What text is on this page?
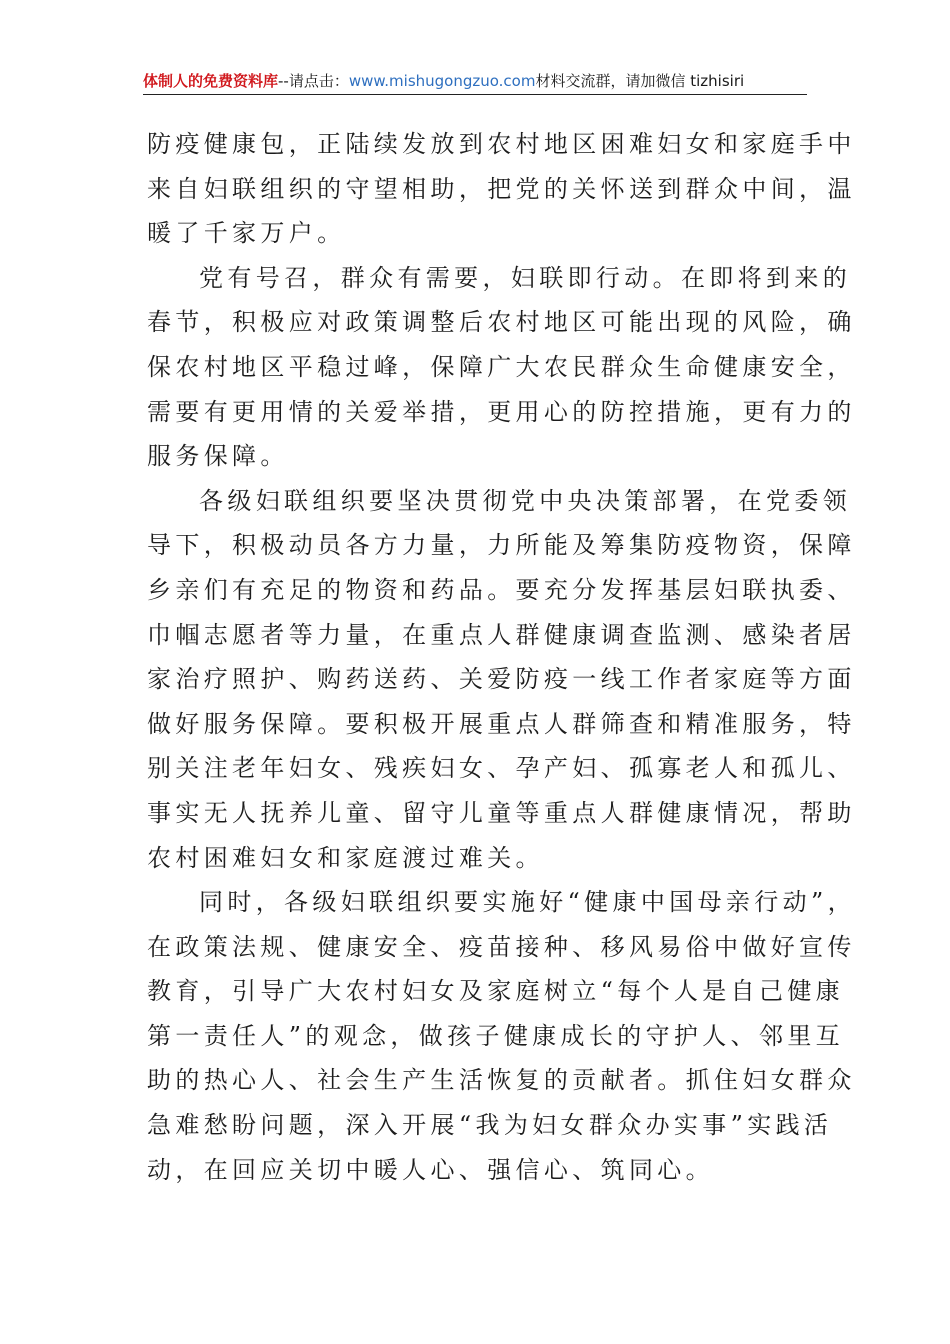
体制人的免费资料库--请点击：www.mishugongzuo.com材料交流群，请加微信 tizhisiri
防疫健康包，正陆续发放到农村地区困难妇女和家庭手中
来自妇联组织的守望相助，把党的关怀送到群众中间，温
暖了千家万户。
党有号召，群众有需要，妇联即行动。在即将到来的
春节，积极应对政策调整后农村地区可能出现的风险，确
保农村地区平稳过峰，保障广大农民群众生命健康安全，
需要有更用情的关爱举措，更用心的防控措施，更有力的
服务保障。
各级妇联组织要坚决贯彻党中央决策部署，在党委领
导下，积极动员各方力量，力所能及筹集防疫物资，保障
乡亲们有充足的物资和药品。要充分发挥基层妇联执委、
巾帼志愿者等力量，在重点人群健康调查监测、感染者居
家治疗照护、购药送药、关爱防疫一线工作者家庭等方面
做好服务保障。要积极开展重点人群筛查和精准服务，特
别关注老年妇女、残疾妇女、孕产妇、孤寡老人和孤儿、
事实无人抚养儿童、留守儿童等重点人群健康情况，帮助
农村困难妇女和家庭渡过难关。
同时，各级妇联组织要实施好“健康中国母亲行动”，
在政策法规、健康安全、疫苗接种、移风易俗中做好宣传
教育，引导广大农村妇女及家庭树立“每个人是自己健康
第一责任人”的观念，做孩子健康成长的守护人、邻里互
助的热心人、社会生产生活恢复的贡献者。抓住妇女群众
急难愁盼问题，深入开展“我为妇女群众办实事”实践活
动，在回应关切中暖人心、强信心、筑同心。
